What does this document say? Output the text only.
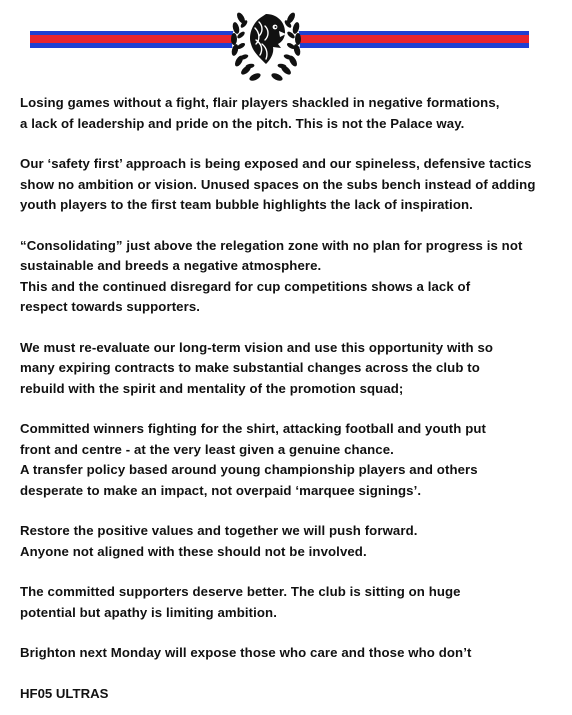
Losing games without a fight, flair players shackled in negative formations,
a lack of leadership and pride on the pitch. This is not the Palace way.

Our ‘safety first’ approach is being exposed and our spineless, defensive tactics
show no ambition or vision. Unused spaces on the subs bench instead of adding
youth players to the first team bubble highlights the lack of inspiration.

“Consolidating” just above the relegation zone with no plan for progress is not
sustainable and breeds a negative atmosphere.
This and the continued disregard for cup competitions shows a lack of
respect towards supporters.

We must re-evaluate our long-term vision and use this opportunity with so
many expiring contracts to make substantial changes across the club to
rebuild with the spirit and mentality of the promotion squad;

Committed winners fighting for the shirt, attacking football and youth put
front and centre - at the very least given a genuine chance.
A transfer policy based around young championship players and others
desperate to make an impact, not overpaid ‘marquee signings’.

Restore the positive values and together we will push forward.
Anyone not aligned with these should not be involved.

The committed supporters deserve better. The club is sitting on huge
potential but apathy is limiting ambition.

Brighton next Monday will expose those who care and those who don’t

HF05 ULTRAS
